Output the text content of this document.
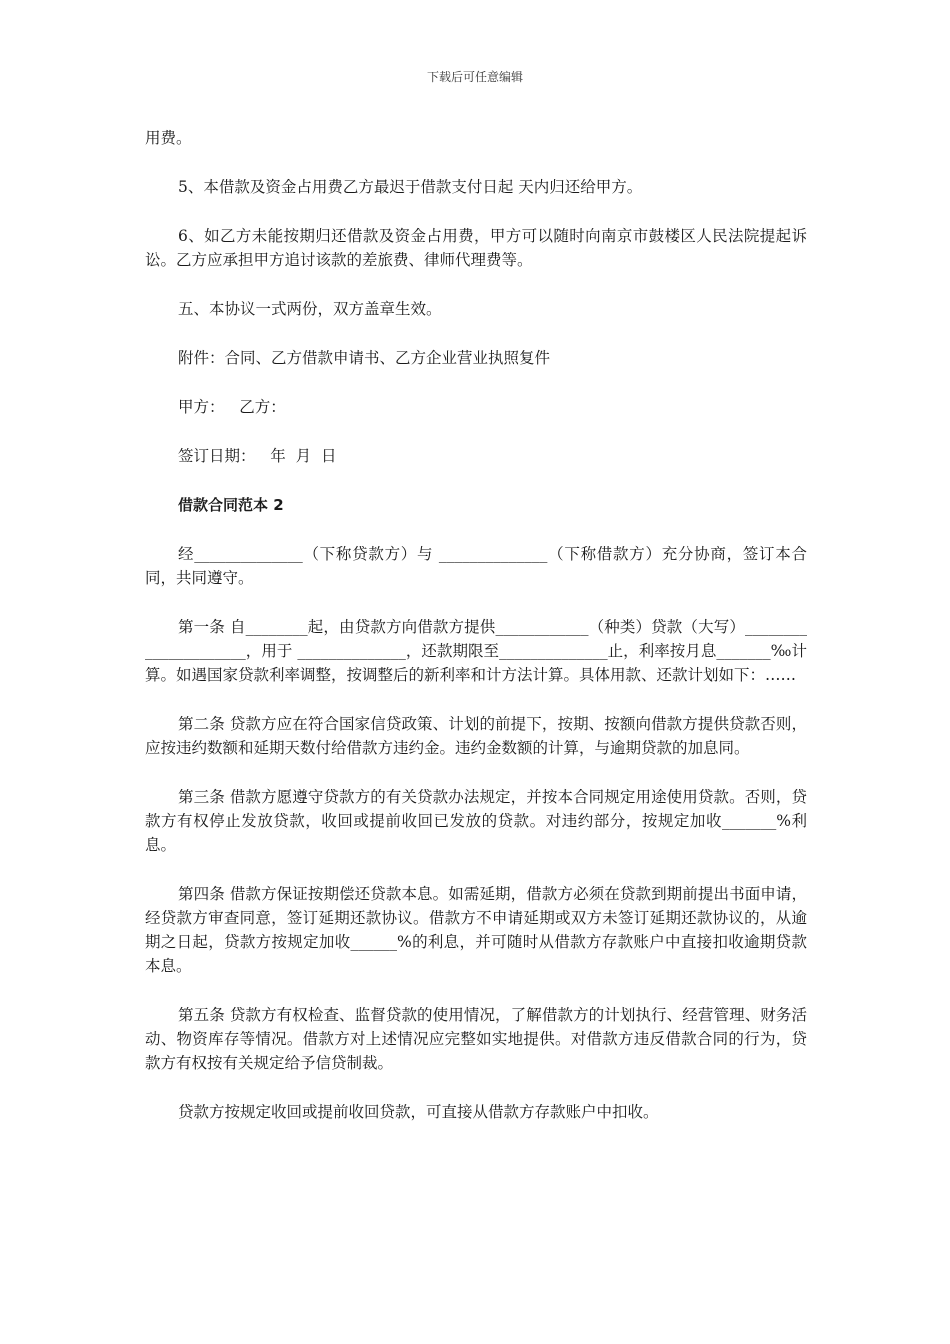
下载后可任意编辑

用费。

5、本借款及资金占用费乙方最迟于借款支付日起 天内归还给甲方。

6、如乙方未能按期归还借款及资金占用费，甲方可以随时向南京市鼓楼区人民法院提起诉讼。乙方应承担甲方追讨该款的差旅费、律师代理费等。

五、本协议一式两份，双方盖章生效。

附件：合同、乙方借款申请书、乙方企业营业执照复件

甲方：   乙方：

签订日期：   年  月  日

借款合同范本 2

经______________（下称贷款方）与 ______________（下称借款方）充分协商，签订本合同，共同遵守。

第一条 自________起，由贷款方向借款方提供____________（种类）贷款（大写）_____________________，用于 ______________，还款期限至______________止，利率按月息_______‰计算。如遇国家贷款利率调整，按调整后的新利率和计方法计算。具体用款、还款计划如下：……

第二条 贷款方应在符合国家信贷政策、计划的前提下，按期、按额向借款方提供贷款否则，应按违约数额和延期天数付给借款方违约金。违约金数额的计算，与逾期贷款的加息同。

第三条 借款方愿遵守贷款方的有关贷款办法规定，并按本合同规定用途使用贷款。否则，贷款方有权停止发放贷款，收回或提前收回已发放的贷款。对违约部分，按规定加收_______%利息。

第四条 借款方保证按期偿还贷款本息。如需延期，借款方必须在贷款到期前提出书面申请，经贷款方审查同意，签订延期还款协议。借款方不申请延期或双方未签订延期还款协议的，从逾期之日起，贷款方按规定加收______%的利息，并可随时从借款方存款账户中直接扣收逾期贷款本息。

第五条 贷款方有权检查、监督贷款的使用情况，了解借款方的计划执行、经营管理、财务活动、物资库存等情况。借款方对上述情况应完整如实地提供。对借款方违反借款合同的行为，贷款方有权按有关规定给予信贷制裁。

贷款方按规定收回或提前收回贷款，可直接从借款方存款账户中扣收。
